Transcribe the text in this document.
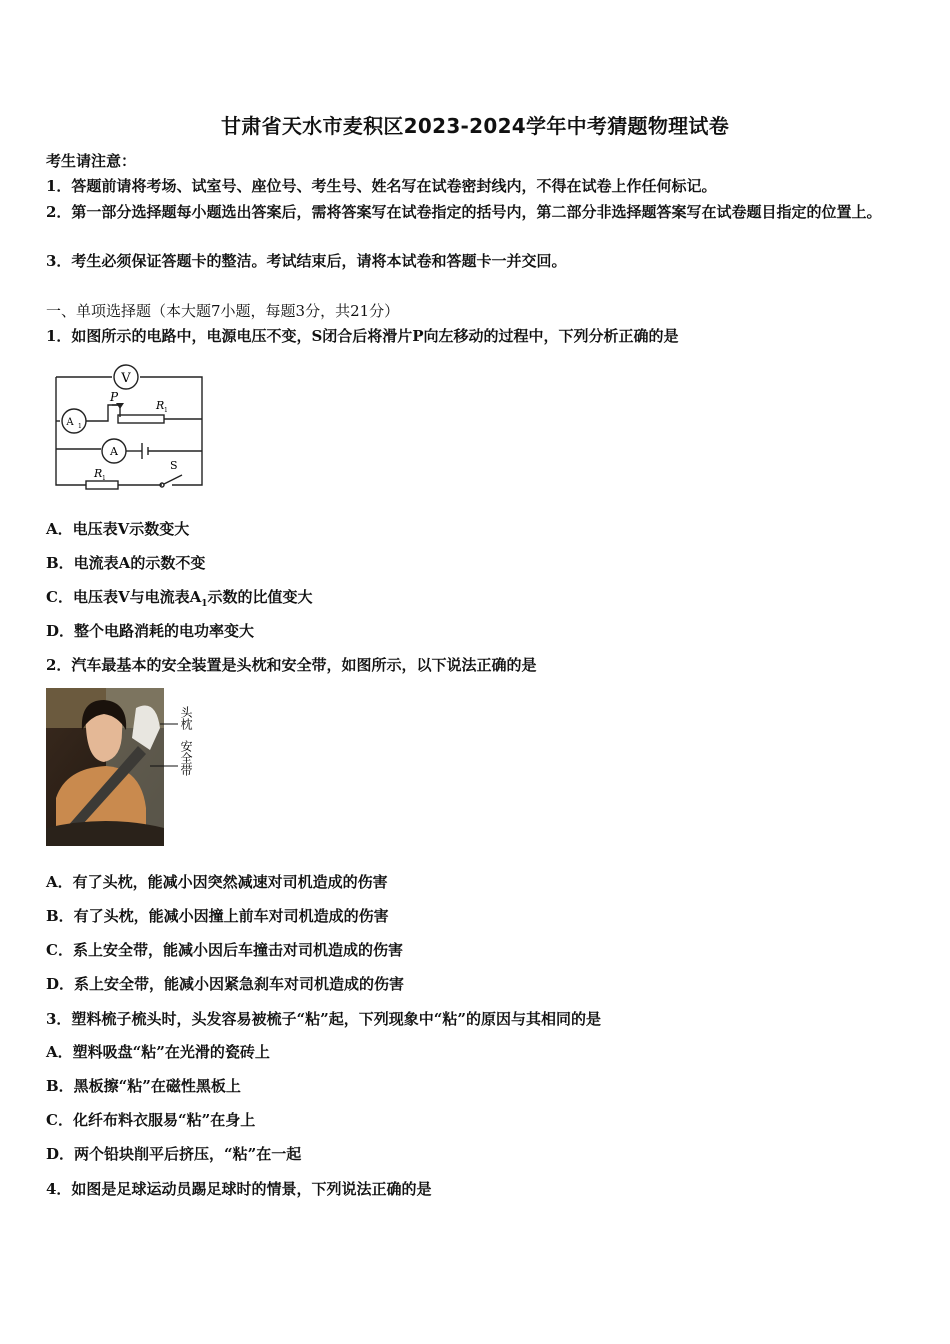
甘肃省天水市麦积区2023-2024学年中考猜题物理试卷
考生请注意：
1．答题前请将考场、试室号、座位号、考生号、姓名写在试卷密封线内，不得在试卷上作任何标记。
2．第一部分选择题每小题选出答案后，需将答案写在试卷指定的括号内，第二部分非选择题答案写在试卷题目指定的位置上。
3．考生必须保证答题卡的整洁。考试结束后，请将本试卷和答题卡一并交回。
一、单项选择题（本大题7小题，每题3分，共21分）
1．如图所示的电路中，电源电压不变，S闭合后将滑片P向左移动的过程中，下列分析正确的是
V
A 1
A
P
R 1
R 1
S
A．电压表V示数变大
B．电流表A的示数不变
C．电压表V与电流表$A_1$示数的比值变大
D．整个电路消耗的电功率变大
2．汽车最基本的安全装置是头枕和安全带，如图所示，以下说法正确的是
头枕
安全带
A．有了头枕，能减小因突然减速对司机造成的伤害
B．有了头枕，能减小因撞上前车对司机造成的伤害
C．系上安全带，能减小因后车撞击对司机造成的伤害
D．系上安全带，能减小因紧急刹车对司机造成的伤害
3．塑料梳子梳头时，头发容易被梳子“粘”起，下列现象中“粘”的原因与其相同的是
A．塑料吸盘“粘”在光滑的瓷砖上
B．黑板擦“粘”在磁性黑板上
C．化纤布料衣服易“粘”在身上
D．两个铅块削平后挤压，“粘”在一起
4．如图是足球运动员踢足球时的情景，下列说法正确的是
